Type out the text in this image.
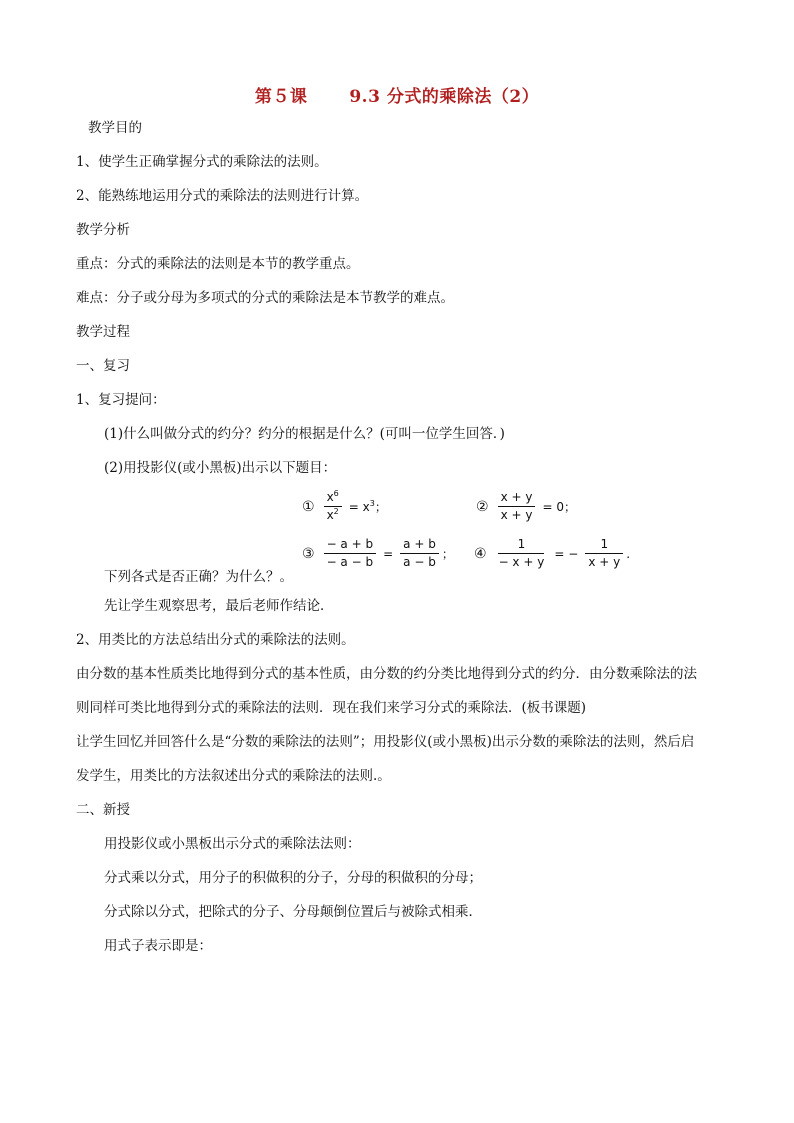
第５课 9.3 分式的乘除法（2）
教学目的
1、使学生正确掌握分式的乘除法的法则。
2、能熟练地运用分式的乘除法的法则进行计算。
教学分析
重点：分式的乘除法的法则是本节的教学重点。
难点：分子或分母为多项式的分式的乘除法是本节教学的难点。
教学过程
一、复习
1、复习提问：
(1)什么叫做分式的约分？约分的根据是什么？(可叫一位学生回答．)
(2)用投影仪(或小黑板)出示以下题目：
① $\frac{x^6}{x^2} = x^3$；	② $\frac{x + y}{x + y} = 0$；
③ $\frac{- a + b}{- a - b} = \frac{a + b}{a - b}$ ； ④ $\frac{1}{- x + y}$ = − $\frac{1}{x + y}$ .
下列各式是否正确？为什么？。
先让学生观察思考，最后老师作结论．
2、用类比的方法总结出分式的乘除法的法则。
由分数的基本性质类比地得到分式的基本性质，由分数的约分类比地得到分式的约分．由分数乘除法的法
则同样可类比地得到分式的乘除法的法则．现在我们来学习分式的乘除法．(板书课题)
让学生回忆并回答什么是“分数的乘除法的法则”；用投影仪(或小黑板)出示分数的乘除法的法则，然后启
发学生，用类比的方法叙述出分式的乘除法的法则.。
二、新授
用投影仪或小黑板出示分式的乘除法法则：
分式乘以分式，用分子的积做积的分子，分母的积做积的分母；
分式除以分式，把除式的分子、分母颠倒位置后与被除式相乘．
用式子表示即是：
